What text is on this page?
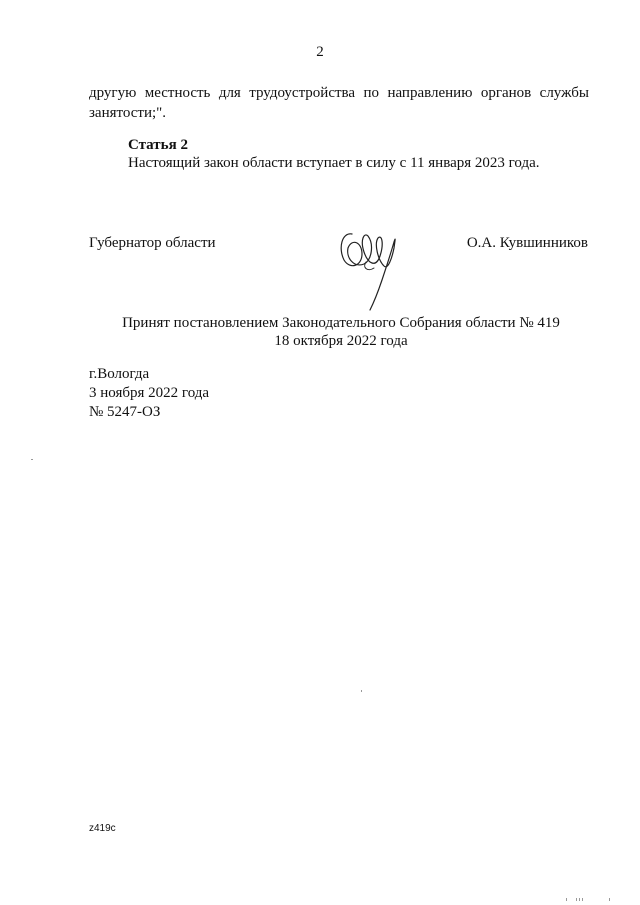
2
другую местность для трудоустройства по направлению органов службы
занятости;".
Статья 2
Настоящий закон области вступает в силу с 11 января 2023 года.
Губернатор области	О.А. Кувшинников
Принят постановлением Законодательного Собрания области № 419
18 октября 2022 года
г.Вологда
3 ноября 2022 года
№ 5247-ОЗ
z419c
